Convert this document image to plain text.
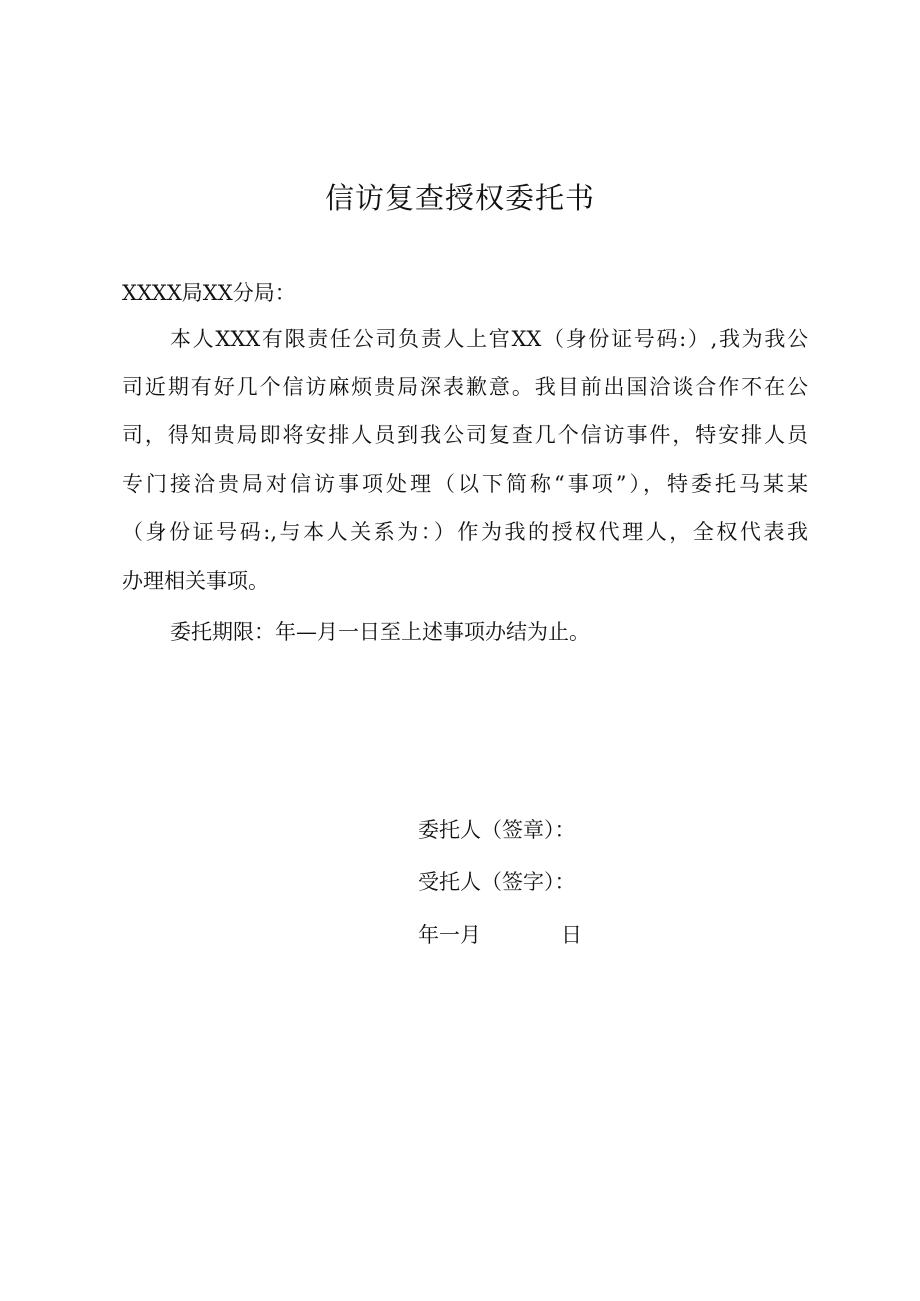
信访复查授权委托书
XXXX局XX分局：
本人XXX有限责任公司负责人上官XX（身份证号码:）,我为我公
司近期有好几个信访麻烦贵局深表歉意。我目前出国洽谈合作不在公
司，得知贵局即将安排人员到我公司复查几个信访事件，特安排人员
专门接洽贵局对信访事项处理（以下简称“事项”），特委托马某某
（身份证号码:,与本人关系为：）作为我的授权代理人，全权代表我
办理相关事项。
委托期限：年—月一日至上述事项办结为止。
委托人（签章）：
受托人（签字）：
年一月	日
